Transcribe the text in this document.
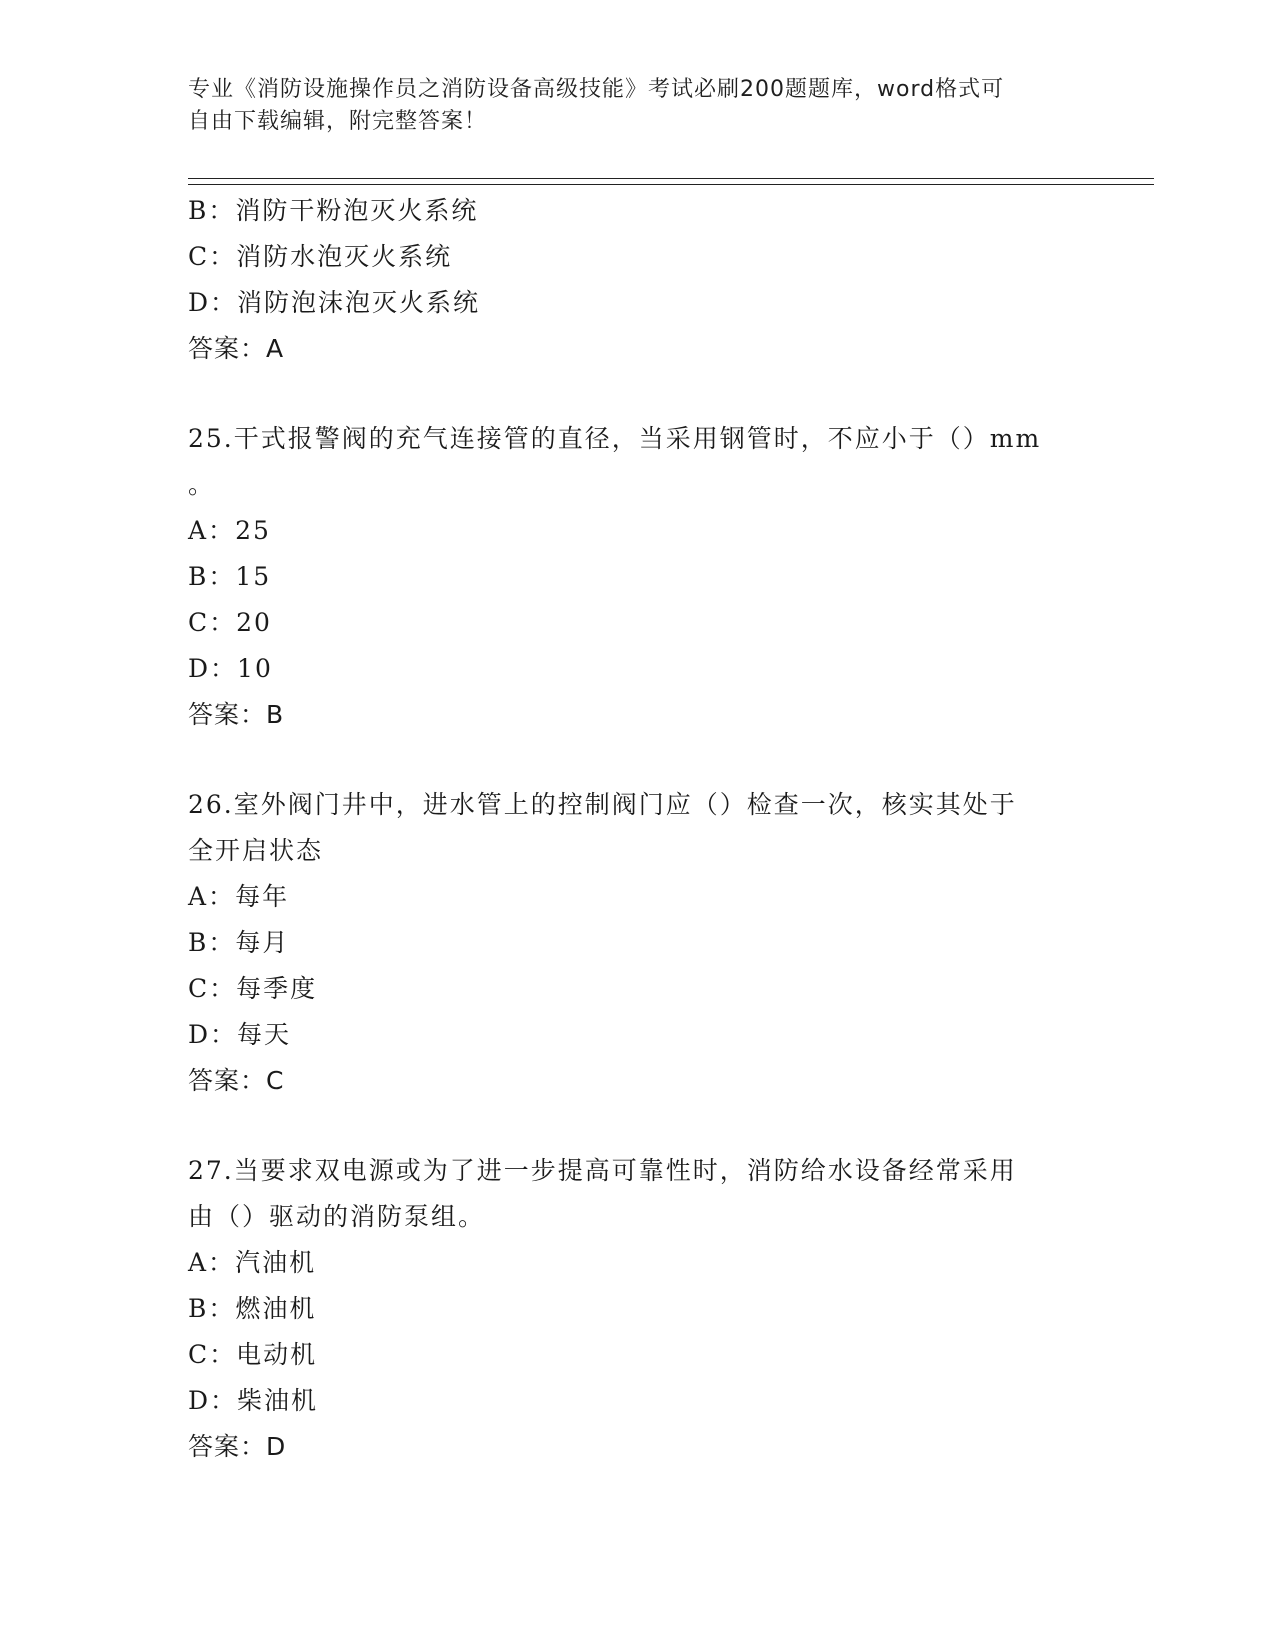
专业《消防设施操作员之消防设备高级技能》考试必刷200题题库，word格式可
自由下载编辑，附完整答案！
B：消防干粉泡灭火系统
C：消防水泡灭火系统
D：消防泡沫泡灭火系统
答案：A
25.干式报警阀的充气连接管的直径，当采用钢管时，不应小于（）mm
。
A：25
B：15
C：20
D：10
答案：B
26.室外阀门井中，进水管上的控制阀门应（）检查一次，核实其处于
全开启状态
A：每年
B：每月
C：每季度
D：每天
答案：C
27.当要求双电源或为了进一步提高可靠性时，消防给水设备经常采用
由（）驱动的消防泵组。
A：汽油机
B：燃油机
C：电动机
D：柴油机
答案：D
